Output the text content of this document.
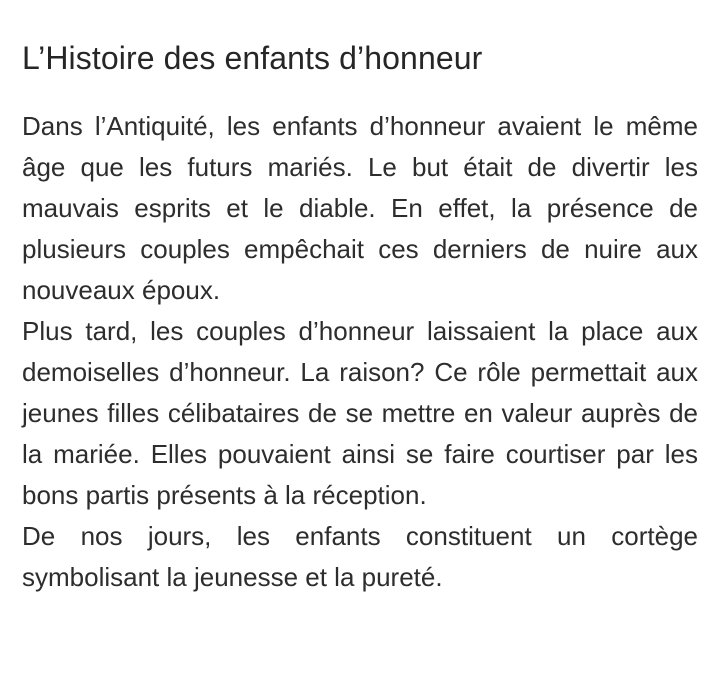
L’Histoire des enfants d’honneur

Dans l’Antiquité, les enfants d’honneur avaient le même âge que les futurs mariés. Le but était de divertir les mauvais esprits et le diable. En effet, la présence de plusieurs couples empêchait ces derniers de nuire aux nouveaux époux.

Plus tard, les couples d’honneur laissaient la place aux demoiselles d’honneur. La raison? Ce rôle permettait aux jeunes filles célibataires de se mettre en valeur auprès de la mariée. Elles pouvaient ainsi se faire courtiser par les bons partis présents à la réception.

De nos jours, les enfants constituent un cortège symbolisant la jeunesse et la pureté.
